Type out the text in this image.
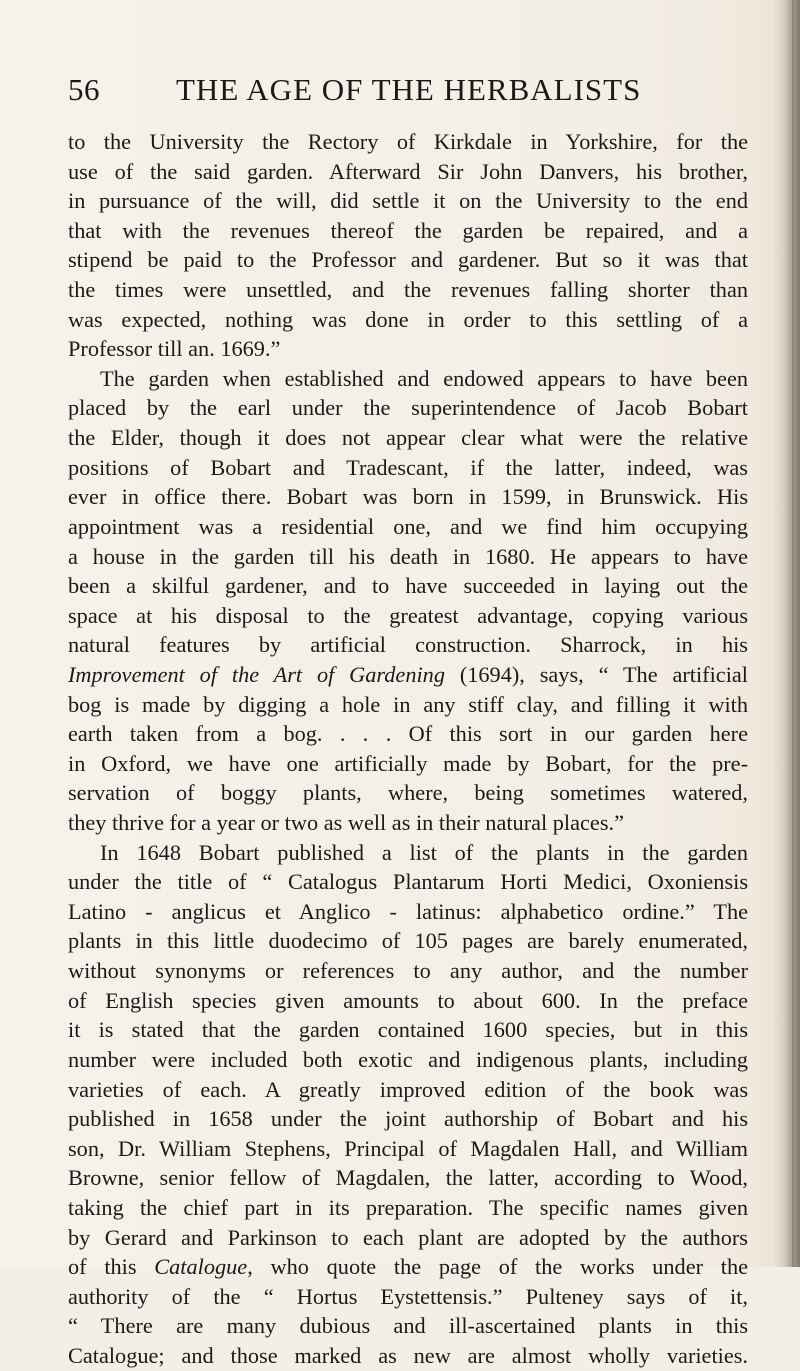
56 THE AGE OF THE HERBALISTS
to the University the Rectory of Kirkdale in Yorkshire, for the
use of the said garden. Afterward Sir John Danvers, his brother,
in pursuance of the will, did settle it on the University to the end
that with the revenues thereof the garden be repaired, and a
stipend be paid to the Professor and gardener. But so it was that
the times were unsettled, and the revenues falling shorter than
was expected, nothing was done in order to this settling of a
Professor till an. 1669.”
The garden when established and endowed appears to have been
placed by the earl under the superintendence of Jacob Bobart
the Elder, though it does not appear clear what were the relative
positions of Bobart and Tradescant, if the latter, indeed, was
ever in office there. Bobart was born in 1599, in Brunswick. His
appointment was a residential one, and we find him occupying
a house in the garden till his death in 1680. He appears to have
been a skilful gardener, and to have succeeded in laying out the
space at his disposal to the greatest advantage, copying various
natural features by artificial construction. Sharrock, in his
Improvement of the Art of Gardening (1694), says, “ The artificial
bog is made by digging a hole in any stiff clay, and filling it with
earth taken from a bog. . . . Of this sort in our garden here
in Oxford, we have one artificially made by Bobart, for the pre-
servation of boggy plants, where, being sometimes watered,
they thrive for a year or two as well as in their natural places.”
In 1648 Bobart published a list of the plants in the garden
under the title of “ Catalogus Plantarum Horti Medici, Oxoniensis
Latino - anglicus et Anglico - latinus: alphabetico ordine.” The
plants in this little duodecimo of 105 pages are barely enumerated,
without synonyms or references to any author, and the number
of English species given amounts to about 600. In the preface
it is stated that the garden contained 1600 species, but in this
number were included both exotic and indigenous plants, including
varieties of each. A greatly improved edition of the book was
published in 1658 under the joint authorship of Bobart and his
son, Dr. William Stephens, Principal of Magdalen Hall, and William
Browne, senior fellow of Magdalen, the latter, according to Wood,
taking the chief part in its preparation. The specific names given
by Gerard and Parkinson to each plant are adopted by the authors
of this Catalogue, who quote the page of the works under the
authority of the “ Hortus Eystettensis.” Pulteney says of it,
“ There are many dubious and ill-ascertained plants in this
Catalogue; and those marked as new are almost wholly varieties.
